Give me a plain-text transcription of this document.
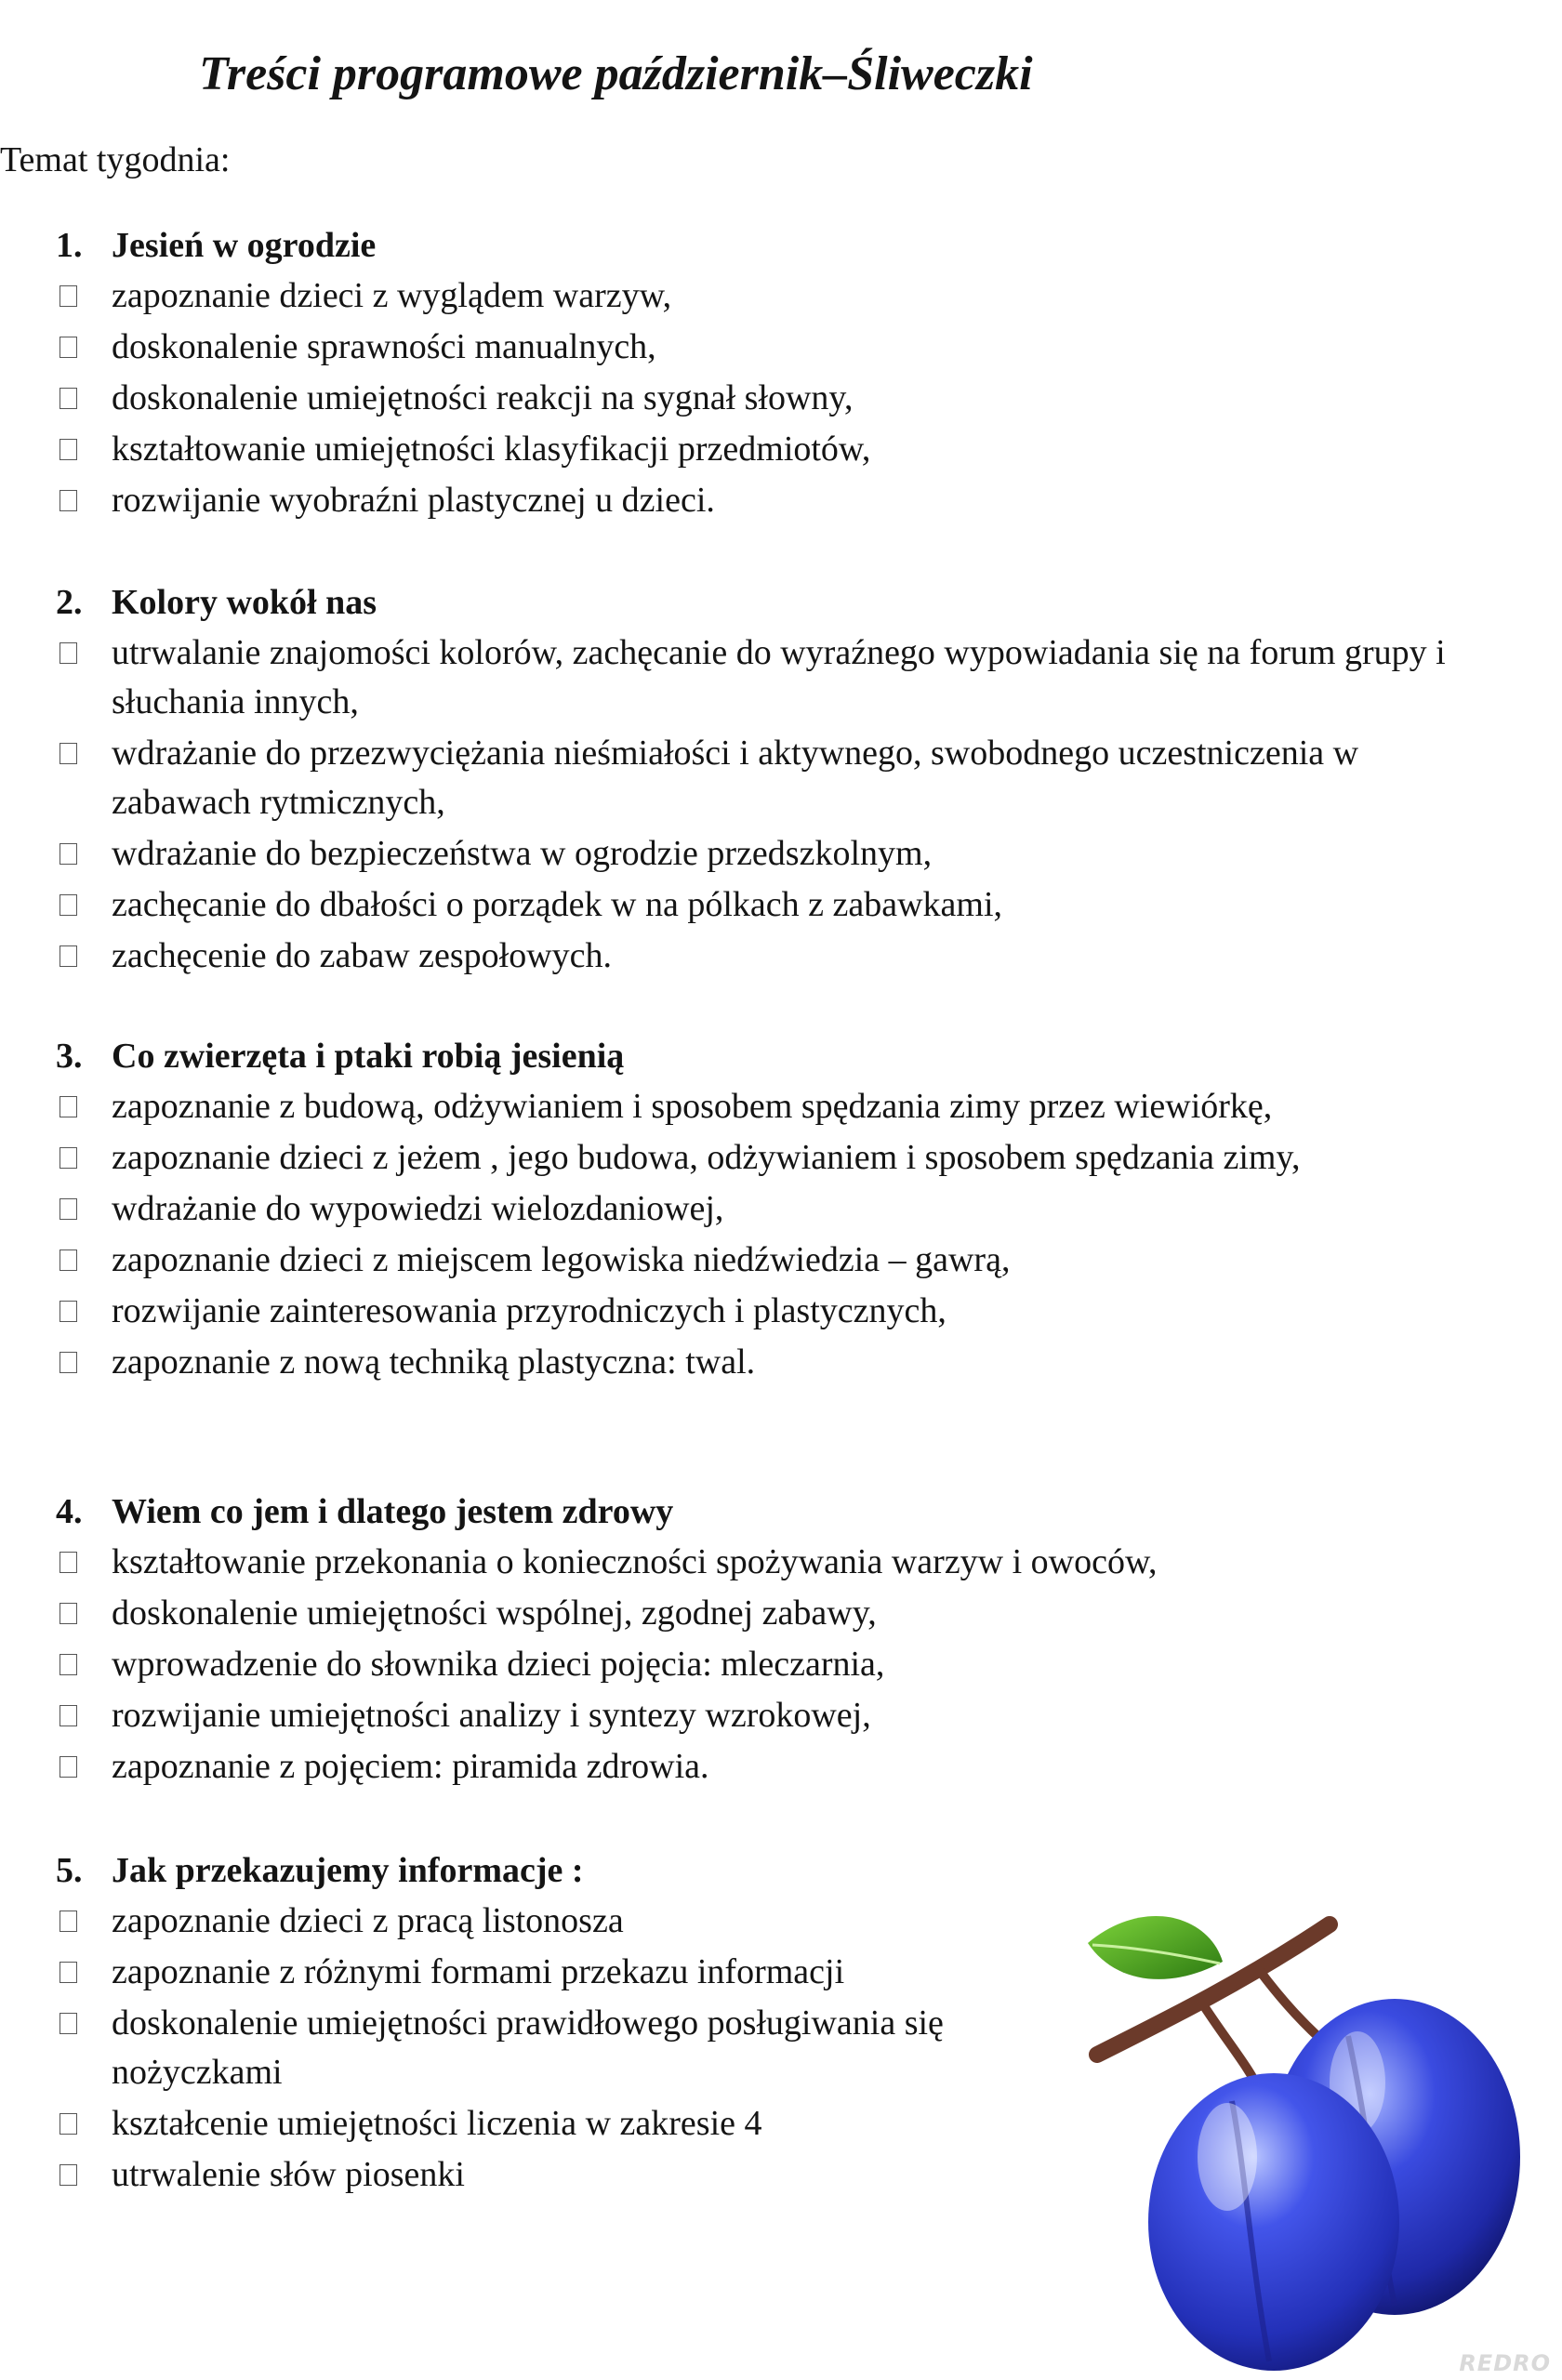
Treści programowe październik–Śliweczki
Temat tygodnia:
1. Jesień w ogrodzie
zapoznanie dzieci z wyglądem warzyw,
doskonalenie sprawności manualnych,
doskonalenie umiejętności reakcji na sygnał słowny,
kształtowanie umiejętności klasyfikacji przedmiotów,
rozwijanie wyobraźni plastycznej u dzieci.
2. Kolory wokół nas
utrwalanie znajomości kolorów, zachęcanie do wyraźnego wypowiadania się na forum grupy i słuchania innych,
wdrażanie do przezwyciężania nieśmiałości i aktywnego, swobodnego uczestniczenia w zabawach rytmicznych,
wdrażanie do bezpieczeństwa w ogrodzie przedszkolnym,
zachęcanie do dbałości o porządek w na pólkach z zabawkami,
zachęcenie do zabaw zespołowych.
3. Co zwierzęta i ptaki robią jesienią
zapoznanie z budową, odżywianiem i sposobem spędzania zimy przez wiewiórkę,
zapoznanie dzieci z jeżem , jego budowa, odżywianiem i sposobem spędzania zimy,
wdrażanie do wypowiedzi wielozdaniowej,
zapoznanie dzieci z miejscem legowiska niedźwiedzia – gawrą,
rozwijanie zainteresowania przyrodniczych i plastycznych,
zapoznanie z nową techniką plastyczna: twal.
4. Wiem co jem i dlatego jestem zdrowy
kształtowanie przekonania o konieczności spożywania warzyw i owoców,
doskonalenie umiejętności wspólnej, zgodnej zabawy,
wprowadzenie do słownika dzieci pojęcia: mleczarnia,
rozwijanie umiejętności analizy i syntezy wzrokowej,
zapoznanie z pojęciem: piramida zdrowia.
5. Jak przekazujemy informacje :
zapoznanie dzieci z pracą listonosza
zapoznanie z różnymi formami przekazu informacji
doskonalenie umiejętności prawidłowego posługiwania się nożyczkami
kształcenie umiejętności liczenia w zakresie 4
utrwalenie słów piosenki
REDRO
